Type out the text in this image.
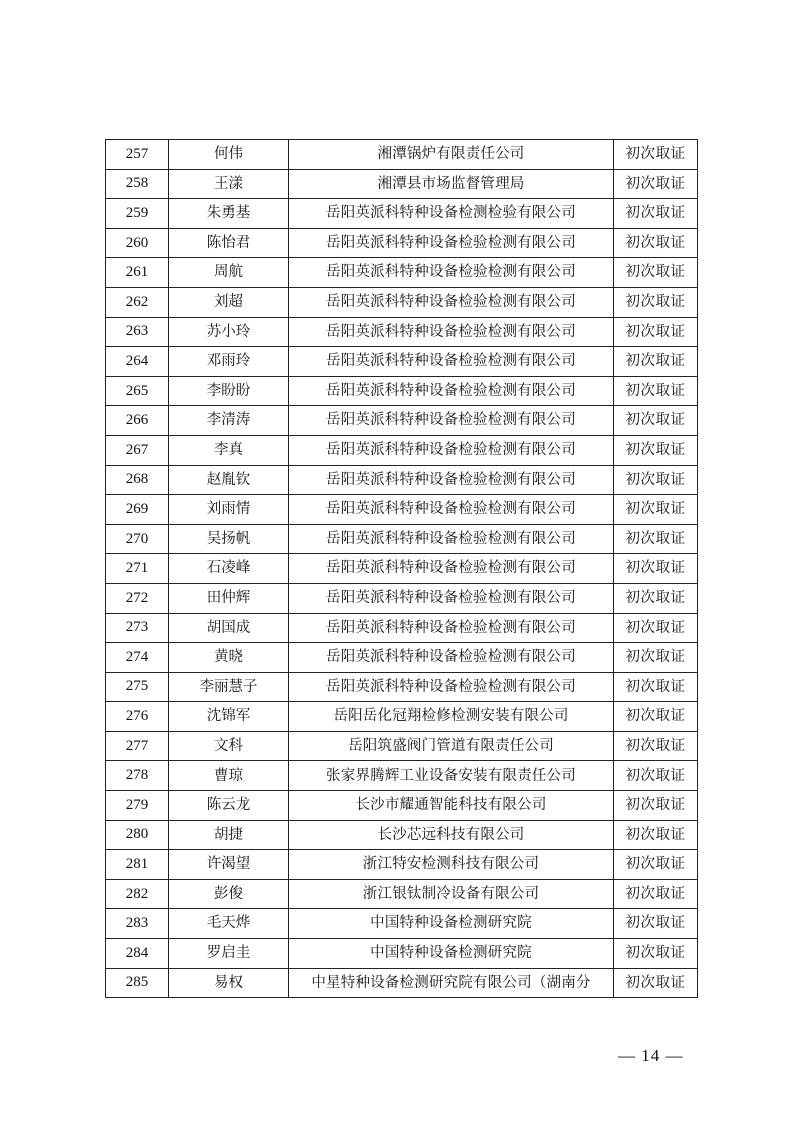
257	何伟	湘潭锅炉有限责任公司	初次取证
258	王漾	湘潭县市场监督管理局	初次取证
259	朱勇基	岳阳英派科特种设备检测检验有限公司	初次取证
260	陈怡君	岳阳英派科特种设备检验检测有限公司	初次取证
261	周航	岳阳英派科特种设备检验检测有限公司	初次取证
262	刘超	岳阳英派科特种设备检验检测有限公司	初次取证
263	苏小玲	岳阳英派科特种设备检验检测有限公司	初次取证
264	邓雨玲	岳阳英派科特种设备检验检测有限公司	初次取证
265	李盼盼	岳阳英派科特种设备检验检测有限公司	初次取证
266	李清涛	岳阳英派科特种设备检验检测有限公司	初次取证
267	李真	岳阳英派科特种设备检验检测有限公司	初次取证
268	赵胤钦	岳阳英派科特种设备检验检测有限公司	初次取证
269	刘雨情	岳阳英派科特种设备检验检测有限公司	初次取证
270	吴扬帆	岳阳英派科特种设备检验检测有限公司	初次取证
271	石凌峰	岳阳英派科特种设备检验检测有限公司	初次取证
272	田仲辉	岳阳英派科特种设备检验检测有限公司	初次取证
273	胡国成	岳阳英派科特种设备检验检测有限公司	初次取证
274	黄晓	岳阳英派科特种设备检验检测有限公司	初次取证
275	李丽慧子	岳阳英派科特种设备检验检测有限公司	初次取证
276	沈锦军	岳阳岳化冠翔检修检测安装有限公司	初次取证
277	文科	岳阳筑盛阀门管道有限责任公司	初次取证
278	曹琼	张家界腾辉工业设备安装有限责任公司	初次取证
279	陈云龙	长沙市耀通智能科技有限公司	初次取证
280	胡捷	长沙芯远科技有限公司	初次取证
281	许渴望	浙江特安检测科技有限公司	初次取证
282	彭俊	浙江银钛制冷设备有限公司	初次取证
283	毛天烨	中国特种设备检测研究院	初次取证
284	罗启圭	中国特种设备检测研究院	初次取证
285	易权	中星特种设备检测研究院有限公司（湖南分	初次取证
— 14 —
